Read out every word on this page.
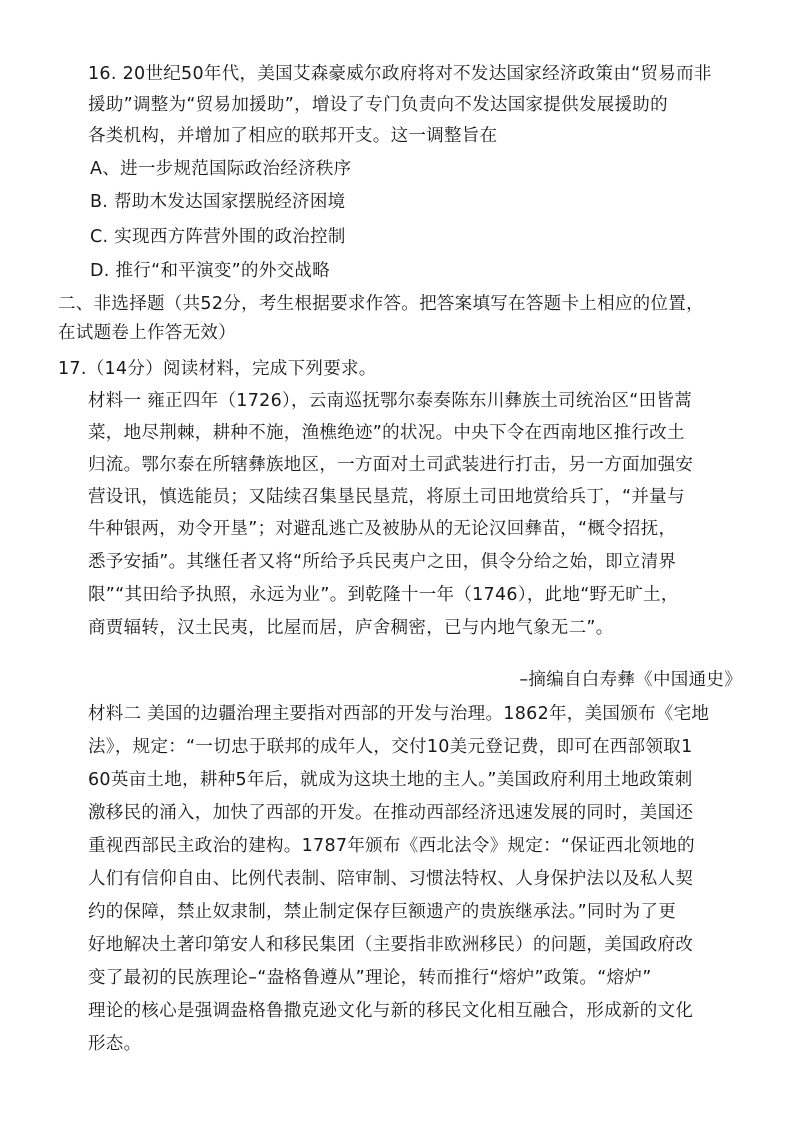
16. 20世纪50年代，美国艾森豪威尔政府将对不发达国家经济政策由“贸易而非
援助”调整为“贸易加援助”，增设了专门负责向不发达国家提供发展援助的
各类机构，并增加了相应的联邦开支。这一调整旨在
A、进一步规范国际政治经济秩序
B. 帮助木发达国家摆脱经济困境
C. 实现西方阵营外围的政治控制
D. 推行“和平演变”的外交战略
二、非选择题（共52分，考生根据要求作答。把答案填写在答题卡上相应的位置，
在试题卷上作答无效）
17.（14分）阅读材料，完成下列要求。
材料一 雍正四年（1726），云南巡抚鄂尔泰奏陈东川彝族土司统治区“田皆蒿
菜，地尽荆棘，耕种不施，渔樵绝迹”的状况。中央下令在西南地区推行改土
归流。鄂尔泰在所辖彝族地区，一方面对土司武装进行打击，另一方面加强安
营设讯，慎选能员；又陆续召集垦民垦荒，将原土司田地赏给兵丁，“并量与
牛种银两，劝令开垦”；对避乱逃亡及被胁从的无论汉回彝苗，“概令招抚，
悉予安插”。其继任者又将“所给予兵民夷户之田，俱令分给之始，即立清界
限”“其田给予执照，永远为业”。到乾隆十一年（1746），此地“野无旷土，
商贾辐转，汉土民夷，比屋而居，庐舍稠密，已与内地气象无二”。
–摘编自白寿彝《中国通史》
材料二 美国的边疆治理主要指对西部的开发与治理。1862年，美国颁布《宅地
法》，规定：“一切忠于联邦的成年人，交付10美元登记费，即可在西部领取1
60英亩土地，耕种5年后，就成为这块土地的主人。”美国政府利用土地政策刺
激移民的涌入，加快了西部的开发。在推动西部经济迅速发展的同时，美国还
重视西部民主政治的建构。1787年颁布《西北法令》规定：“保证西北领地的
人们有信仰自由、比例代表制、陪审制、习惯法特权、人身保护法以及私人契
约的保障，禁止奴隶制，禁止制定保存巨额遗产的贵族继承法。”同时为了更
好地解决土著印第安人和移民集团（主要指非欧洲移民）的问题，美国政府改
变了最初的民族理论–“盎格鲁遵从”理论，转而推行“熔炉”政策。“熔炉”
理论的核心是强调盎格鲁撒克逊文化与新的移民文化相互融合，形成新的文化
形态。
